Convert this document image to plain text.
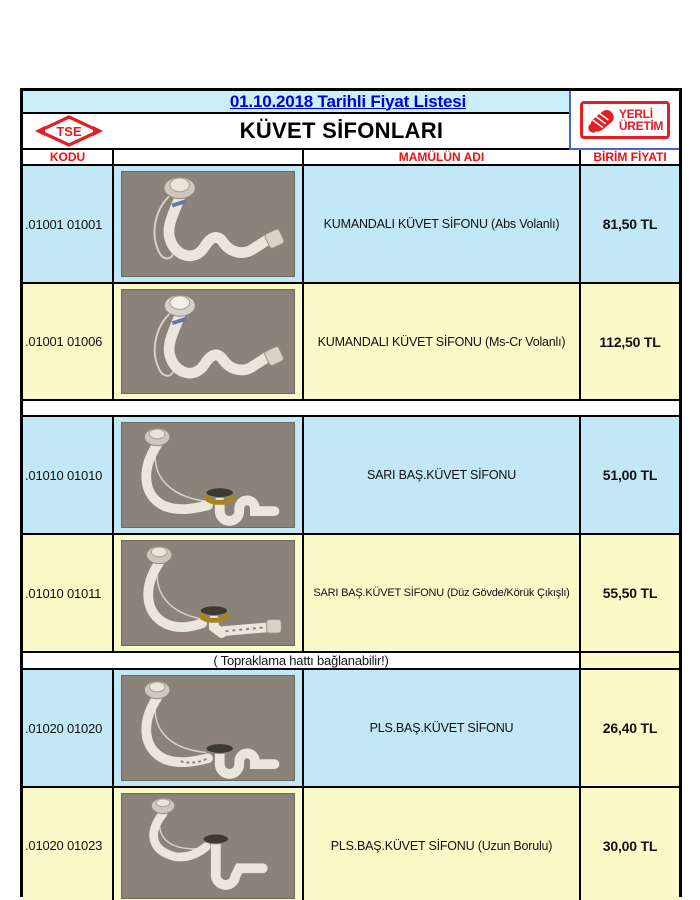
01.10.2018 Tarihli Fiyat Listesi
TSE	KÜVET SİFONLARI
YERLİ
ÜRETİM
KODU	MAMÜLÜN ADI	BİRİM FİYATI
.01001 01001	KUMANDALI KÜVET SİFONU (Abs Volanlı)	81,50 TL
.01001 01006	KUMANDALI KÜVET SİFONU (Ms-Cr Volanlı)	112,50 TL
.01010 01010	SARI BAŞ.KÜVET SİFONU	51,00 TL
.01010 01011	SARI BAŞ.KÜVET SİFONU (Düz Gövde/Körük Çıkışlı)	55,50 TL
( Topraklama hattı bağlanabilir!)
.01020 01020	PLS.BAŞ.KÜVET SİFONU	26,40 TL
.01020 01023	PLS.BAŞ.KÜVET SİFONU (Uzun Borulu)	30,00 TL
